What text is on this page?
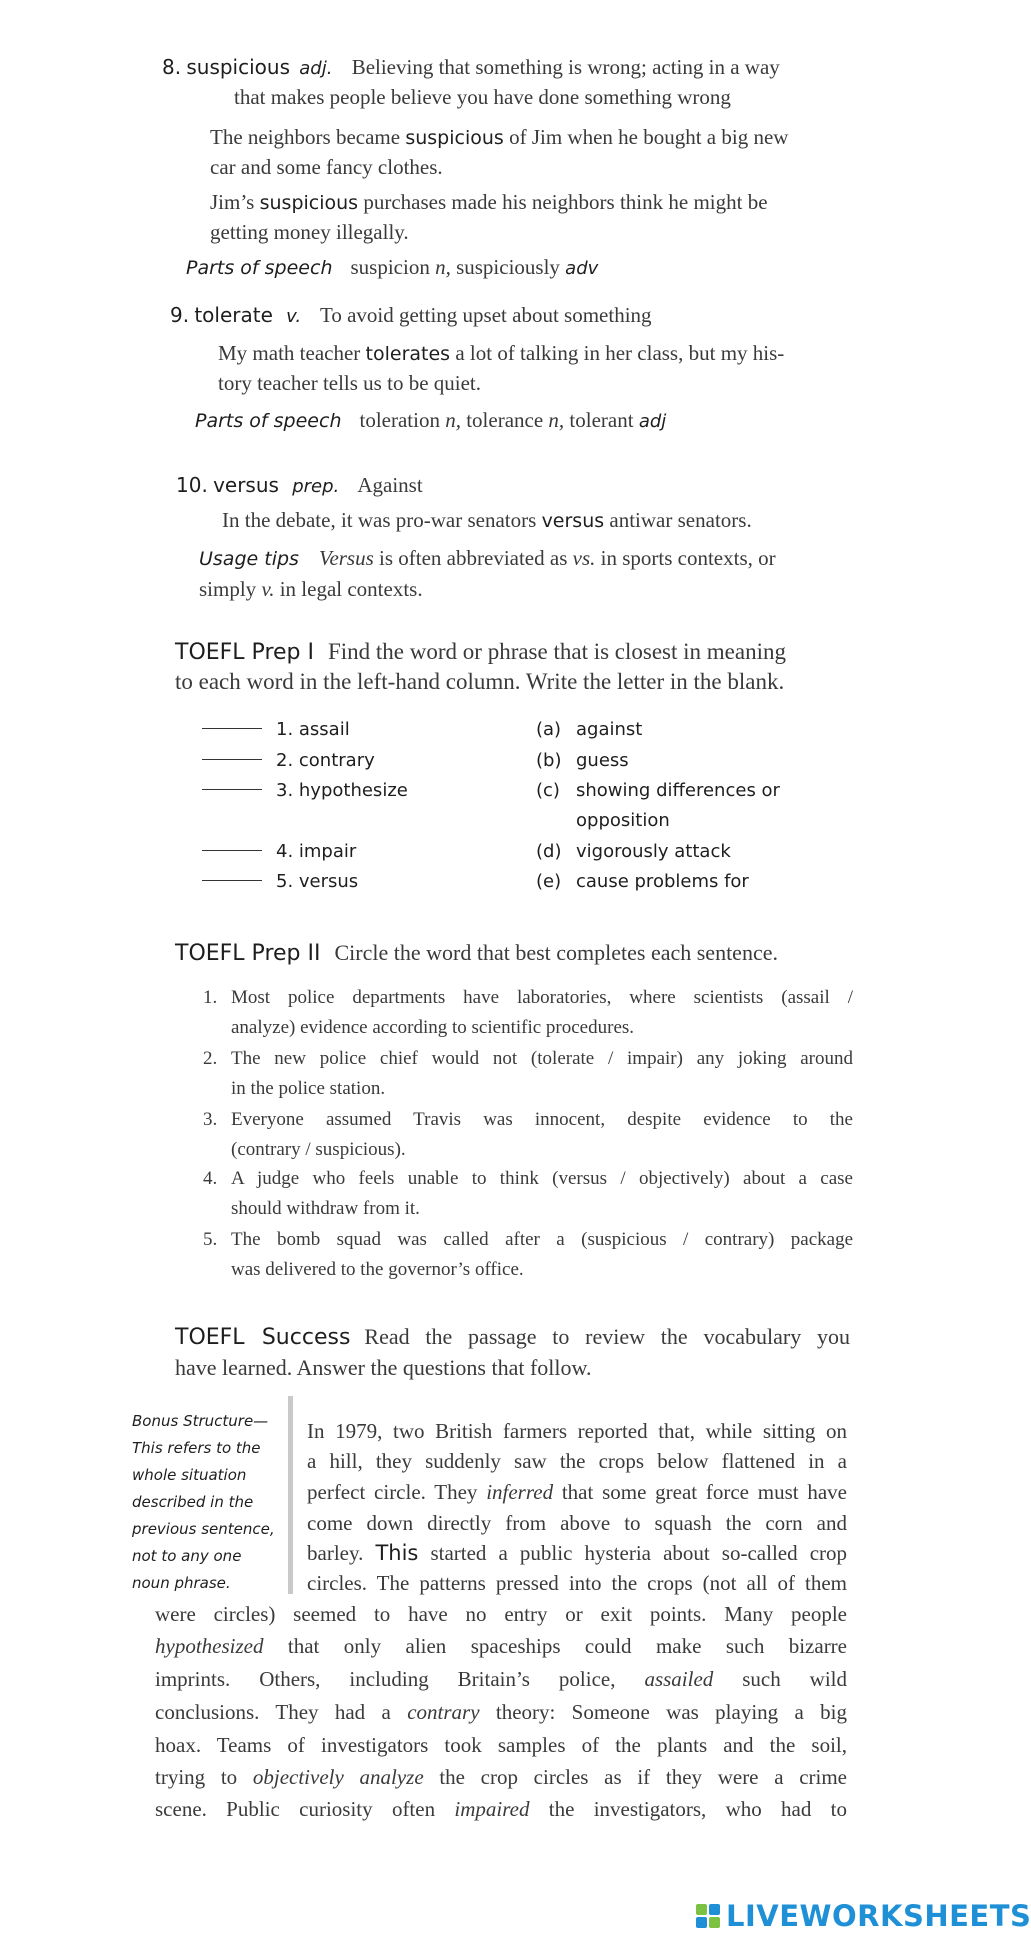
8. suspicious adj. Believing that something is wrong; acting in a way
that makes people believe you have done something wrong
The neighbors became suspicious of Jim when he bought a big new
car and some fancy clothes.
Jim’s suspicious purchases made his neighbors think he might be
getting money illegally.
Parts of speech suspicion n, suspiciously adv
9. tolerate v. To avoid getting upset about something
My math teacher tolerates a lot of talking in her class, but my his-
tory teacher tells us to be quiet.
Parts of speech toleration n, tolerance n, tolerant adj
10. versus prep. Against
In the debate, it was pro-war senators versus antiwar senators.
Usage tips Versus is often abbreviated as vs. in sports contexts, or
simply v. in legal contexts.
TOEFL Prep I Find the word or phrase that is closest in meaning
to each word in the left-hand column. Write the letter in the blank.
1. assail
2. contrary
3. hypothesize
4. impair
5. versus
(a) against
(b) guess
(c) showing differences or
opposition
(d) vigorously attack
(e) cause problems for
TOEFL Prep II Circle the word that best completes each sentence.
1. Most police departments have laboratories, where scientists (assail /
analyze) evidence according to scientific procedures.
2. The new police chief would not (tolerate / impair) any joking around
in the police station.
3. Everyone assumed Travis was innocent, despite evidence to the
(contrary / suspicious).
4. A judge who feels unable to think (versus / objectively) about a case
should withdraw from it.
5. The bomb squad was called after a (suspicious / contrary) package
was delivered to the governor’s office.
TOEFL Success Read the passage to review the vocabulary you
have learned. Answer the questions that follow.
Bonus Structure—
This refers to the
whole situation
described in the
previous sentence,
not to any one
noun phrase.
In 1979, two British farmers reported that, while sitting on
a hill, they suddenly saw the crops below flattened in a
perfect circle. They inferred that some great force must have
come down directly from above to squash the corn and
barley. This started a public hysteria about so-called crop
circles. The patterns pressed into the crops (not all of them
were circles) seemed to have no entry or exit points. Many people
hypothesized that only alien spaceships could make such bizarre
imprints. Others, including Britain’s police, assailed such wild
conclusions. They had a contrary theory: Someone was playing a big
hoax. Teams of investigators took samples of the plants and the soil,
trying to objectively analyze the crop circles as if they were a crime
scene. Public curiosity often impaired the investigators, who had to
LIVEWORKSHEETS
